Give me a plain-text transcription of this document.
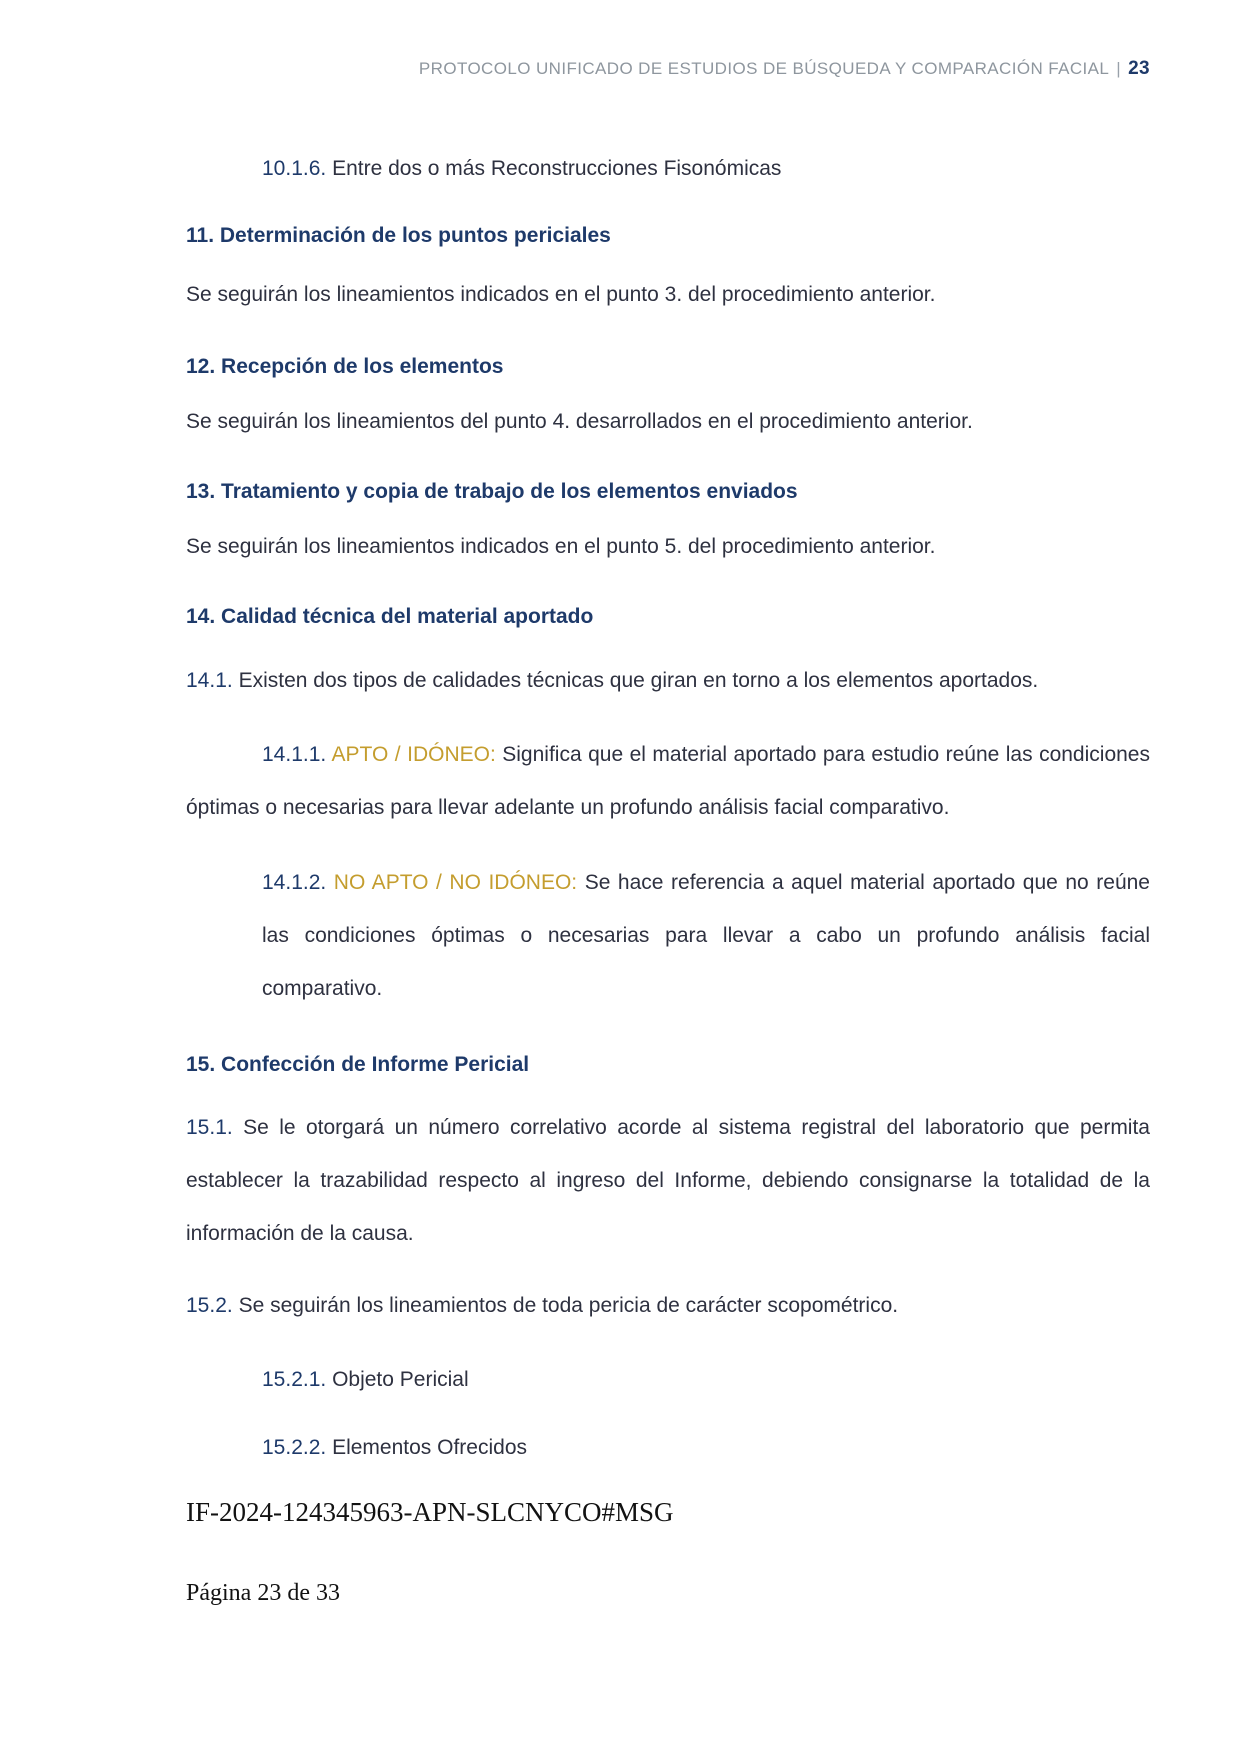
PROTOCOLO UNIFICADO DE ESTUDIOS DE BÚSQUEDA Y COMPARACIÓN FACIAL | 23

10.1.6. Entre dos o más Reconstrucciones Fisonómicas

11. Determinación de los puntos periciales

Se seguirán los lineamientos indicados en el punto 3. del procedimiento anterior.

12. Recepción de los elementos

Se seguirán los lineamientos del punto 4. desarrollados en el procedimiento anterior.

13. Tratamiento y copia de trabajo de los elementos enviados

Se seguirán los lineamientos indicados en el punto 5. del procedimiento anterior.

14. Calidad técnica del material aportado

14.1. Existen dos tipos de calidades técnicas que giran en torno a los elementos aportados.

14.1.1. APTO / IDÓNEO: Significa que el material aportado para estudio reúne las condiciones óptimas o necesarias para llevar adelante un profundo análisis facial comparativo.

14.1.2. NO APTO / NO IDÓNEO: Se hace referencia a aquel material aportado que no reúne las condiciones óptimas o necesarias para llevar a cabo un profundo análisis facial comparativo.

15. Confección de Informe Pericial

15.1. Se le otorgará un número correlativo acorde al sistema registral del laboratorio que permita establecer la trazabilidad respecto al ingreso del Informe, debiendo consignarse la totalidad de la información de la causa.

15.2. Se seguirán los lineamientos de toda pericia de carácter scopométrico.

15.2.1. Objeto Pericial

15.2.2. Elementos Ofrecidos

IF-2024-124345963-APN-SLCNYCO#MSG

Página 23 de 33
